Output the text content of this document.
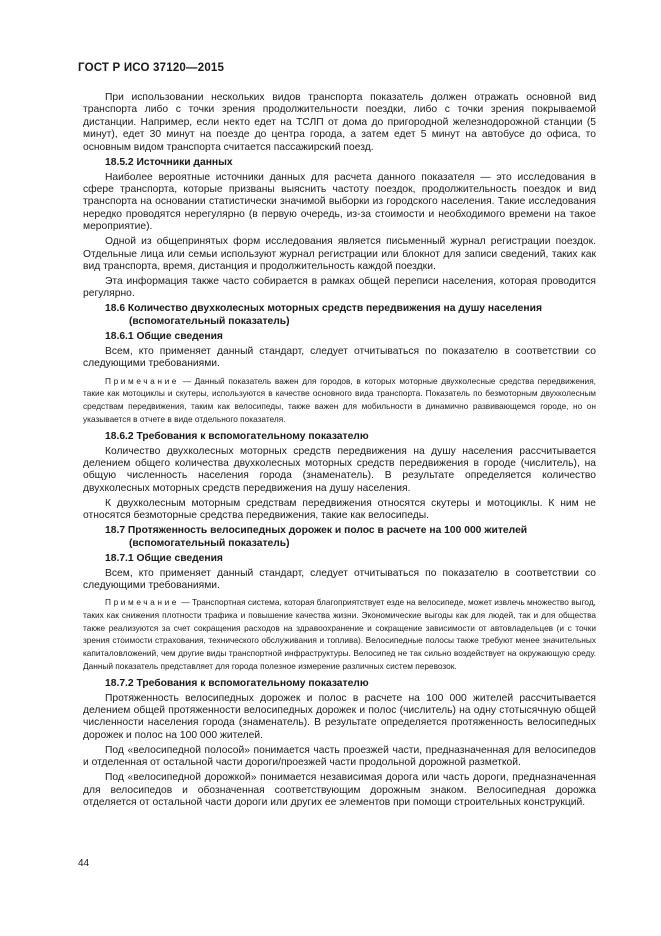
ГОСТ Р ИСО 37120—2015

При использовании нескольких видов транспорта показатель должен отражать основной вид транспорта либо с точки зрения продолжительности поездки, либо с точки зрения покрываемой дистанции. Например, если некто едет на ТСЛП от дома до пригородной железнодорожной станции (5 минут), едет 30 минут на поезде до центра города, а затем едет 5 минут на автобусе до офиса, то основным видом транспорта считается пассажирский поезд.

18.5.2 Источники данных

Наиболее вероятные источники данных для расчета данного показателя — это исследования в сфере транспорта, которые призваны выяснить частоту поездок, продолжительность поездок и вид транспорта на основании статистически значимой выборки из городского населения. Такие исследования нередко проводятся нерегулярно (в первую очередь, из-за стоимости и необходимого времени на такое мероприятие).

Одной из общепринятых форм исследования является письменный журнал регистрации поездок. Отдельные лица или семьи используют журнал регистрации или блокнот для записи сведений, таких как вид транспорта, время, дистанция и продолжительность каждой поездки.

Эта информация также часто собирается в рамках общей переписи населения, которая проводится регулярно.

18.6 Количество двухколесных моторных средств передвижения на душу населения (вспомогательный показатель)
18.6.1 Общие сведения

Всем, кто применяет данный стандарт, следует отчитываться по показателю в соответствии со следующими требованиями.

Примечание — Данный показатель важен для городов, в которых моторные двухколесные средства передвижения, такие как мотоциклы и скутеры, используются в качестве основного вида транспорта. Показатель по безмоторным двухколесным средствам передвижения, таким как велосипеды, также важен для мобильности в динамично развивающемся городе, но он указывается в отчете в виде отдельного показателя.
18.6.2 Требования к вспомогательному показателю

Количество двухколесных моторных средств передвижения на душу населения рассчитывается делением общего количества двухколесных моторных средств передвижения в городе (числитель), на общую численность населения города (знаменатель). В результате определяется количество двухколесных моторных средств передвижения на душу населения.

К двухколесным моторным средствам передвижения относятся скутеры и мотоциклы. К ним не относятся безмоторные средства передвижения, такие как велосипеды.

18.7 Протяженность велосипедных дорожек и полос в расчете на 100 000 жителей (вспомогательный показатель)
18.7.1 Общие сведения

Всем, кто применяет данный стандарт, следует отчитываться по показателю в соответствии со следующими требованиями.

Примечание — Транспортная система, которая благоприятствует езде на велосипеде, может извлечь множество выгод, таких как снижения плотности трафика и повышение качества жизни. Экономические выгоды как для людей, так и для общества также реализуются за счет сокращения расходов на здравоохранение и сокращение зависимости от автовладельцев (и с точки зрения стоимости страхования, технического обслуживания и топлива). Велосипедные полосы также требуют менее значительных капиталовложений, чем другие виды транспортной инфраструктуры. Велосипед не так сильно воздействует на окружающую среду. Данный показатель представляет для города полезное измерение различных систем перевозок.
18.7.2 Требования к вспомогательному показателю

Протяженность велосипедных дорожек и полос в расчете на 100 000 жителей рассчитывается делением общей протяженности велосипедных дорожек и полос (числитель) на одну стотысячную общей численности населения города (знаменатель). В результате определяется протяженность велосипедных дорожек и полос на 100 000 жителей.

Под «велосипедной полосой» понимается часть проезжей части, предназначенная для велосипедов и отделенная от остальной части дороги/проезжей части продольной дорожной разметкой.

Под «велосипедной дорожкой» понимается независимая дорога или часть дороги, предназначенная для велосипедов и обозначенная соответствующим дорожным знаком. Велосипедная дорожка отделяется от остальной части дороги или других ее элементов при помощи строительных конструкций.

44
